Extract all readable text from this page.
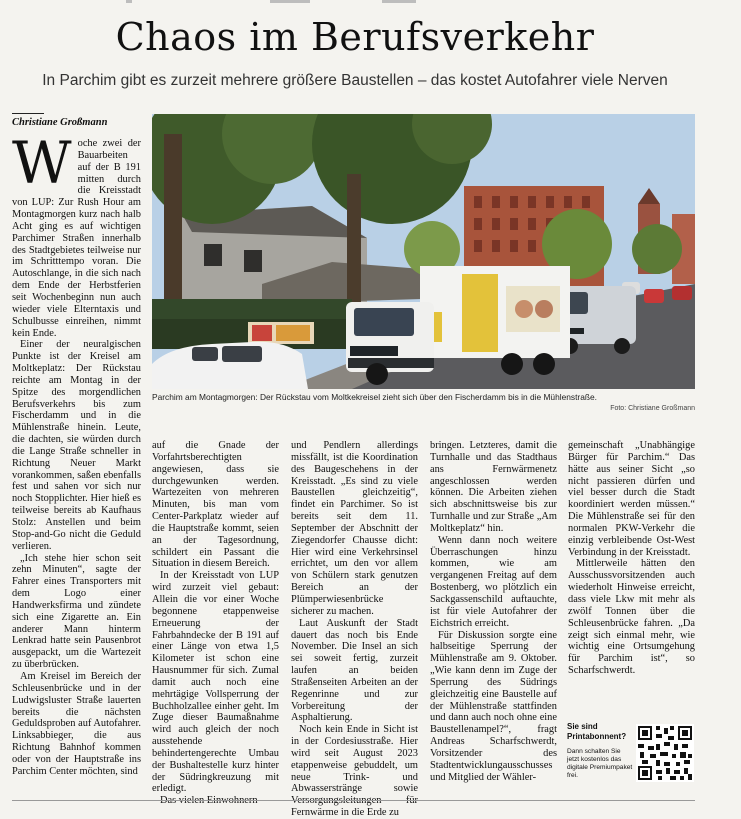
Chaos im Berufsverkehr
In Parchim gibt es zurzeit mehrere größere Baustellen – das kostet Autofahrer viele Nerven
Christiane Großmann

Woche zwei der Bauarbeiten auf der B 191 mitten durch die Kreisstadt von LUP: Zur Rush Hour am Montagmorgen kurz nach halb Acht ging es auf wichtigen Parchimer Straßen innerhalb des Stadtgebietes teilweise nur im Schritttempo voran. Die Autoschlange, in die sich nach dem Ende der Herbstferien seit Wochenbeginn nun auch wieder viele Elterntaxis und Schulbusse einreihen, nimmt kein Ende.

Einer der neuralgischen Punkte ist der Kreisel am Moltkeplatz: Der Rückstau reichte am Montag in der Spitze des morgendlichen Berufsverkehrs bis zum Fischerdamm und in die Mühlenstraße hinein. Leute, die dachten, sie würden durch die Lange Straße schneller in Richtung Neuer Markt vorankommen, saßen ebenfalls fest und sahen vor sich nur noch Stopplichter. Hier hieß es teilweise bereits ab Kaufhaus Stolz: Anstellen und beim Stop-and-Go nicht die Geduld verlieren.

„Ich stehe hier schon seit zehn Minuten“, sagte der Fahrer eines Transporters mit dem Logo einer Handwerksfirma und zündete sich eine Zigarette an. Ein anderer Mann hinterm Lenkrad hatte sein Pausenbrot ausgepackt, um die Wartezeit zu überbrücken.

Am Kreisel im Bereich der Schleusenbrücke und in der Ludwigsluster Straße lauerten bereits die nächsten Geduldsproben auf Autofahrer. Linksabbieger, die aus Richtung Bahnhof kommen oder von der Hauptstraße ins Parchim Center möchten, sind

Parchim am Montagmorgen: Der Rückstau vom Moltkekreisel zieht sich über den Fischerdamm bis in die Mühlenstraße.
Foto: Christiane Großmann

auf die Gnade der Vorfahrtsberechtigten angewiesen, dass sie durchgewunken werden. Wartezeiten von mehreren Minuten, bis man vom Center-Parkplatz wieder auf die Hauptstraße kommt, seien an der Tagesordnung, schildert ein Passant die Situation in diesem Bereich.

In der Kreisstadt von LUP wird zurzeit viel gebaut: Allein die vor einer Woche begonnene etappenweise Erneuerung der Fahrbahndecke der B 191 auf einer Länge von etwa 1,5 Kilometer ist schon eine Hausnummer für sich. Zumal damit auch noch eine mehrtägige Vollsperrung der Buchholzallee einher geht. Im Zuge dieser Baumaßnahme wird auch gleich der noch ausstehende behindertengerechte Umbau der Bushaltestelle kurz hinter der Südringkreuzung mit erledigt.

Das vielen Einwohnern

und Pendlern allerdings missfällt, ist die Koordination des Baugeschehens in der Kreisstadt. „Es sind zu viele Baustellen gleichzeitig“, findet ein Parchimer. So ist bereits seit dem 11. September der Abschnitt der Ziegendorfer Chausse dicht: Hier wird eine Verkehrsinsel errichtet, um den vor allem von Schülern stark genutzen Bereich an der Plümperwiesenbrücke sicherer zu machen.

Laut Auskunft der Stadt dauert das noch bis Ende November. Die Insel an sich sei soweit fertig, zurzeit laufen an beiden Straßenseiten Arbeiten an der Regenrinne und zur Vorbereitung der Asphaltierung.

Noch kein Ende in Sicht ist in der Cordesiusstraße. Hier wird seit August 2023 etappenweise gebuddelt, um neue Trink- und Abwasserstränge sowie Versorgungsleitungen für Fernwärme in die Erde zu

bringen. Letzteres, damit die Turnhalle und das Stadthaus ans Fernwärmenetz angeschlossen werden können. Die Arbeiten ziehen sich abschnittsweise bis zur Turnhalle und zur Straße „Am Moltkeplatz“ hin.

Wenn dann noch weitere Überraschungen hinzu kommen, wie am vergangenen Freitag auf dem Bostenberg, wo plötzlich ein Sackgassenschild auftauchte, ist für viele Autofahrer der Eichstrich erreicht.

Für Diskussion sorgte eine halbseitige Sperrung der Mühlenstraße am 9. Oktober. „Wie kann denn im Zuge der Sperrung des Südrings gleichzeitig eine Baustelle auf der Mühlenstraße stattfinden und dann auch noch ohne eine Baustellenampel?“, fragt Andreas Scharfschwerdt, Vorsitzender des Stadtentwicklungausschusses und Mitglied der Wähler-

gemeinschaft „Unabhängige Bürger für Parchim.“ Das hätte aus seiner Sicht „so nicht passieren dürfen und viel besser durch die Stadt koordiniert werden müssen.“ Die Mühlenstraße sei für den normalen PKW-Verkehr die einzig verbleibende Ost-West Verbindung in der Kreisstadt.

Mittlerweile hätten den Ausschussvorsitzenden auch wiederholt Hinweise erreicht, dass viele Lkw mit mehr als zwölf Tonnen über die Schleusenbrücke fahren. „Da zeigt sich einmal mehr, wie wichtig eine Ortsumgehung für Parchim ist“, so Scharfschwerdt.

Sie sind Printabonnent?
Dann schalten Sie jetzt kostenlos das digitale Premiumpaket frei.
